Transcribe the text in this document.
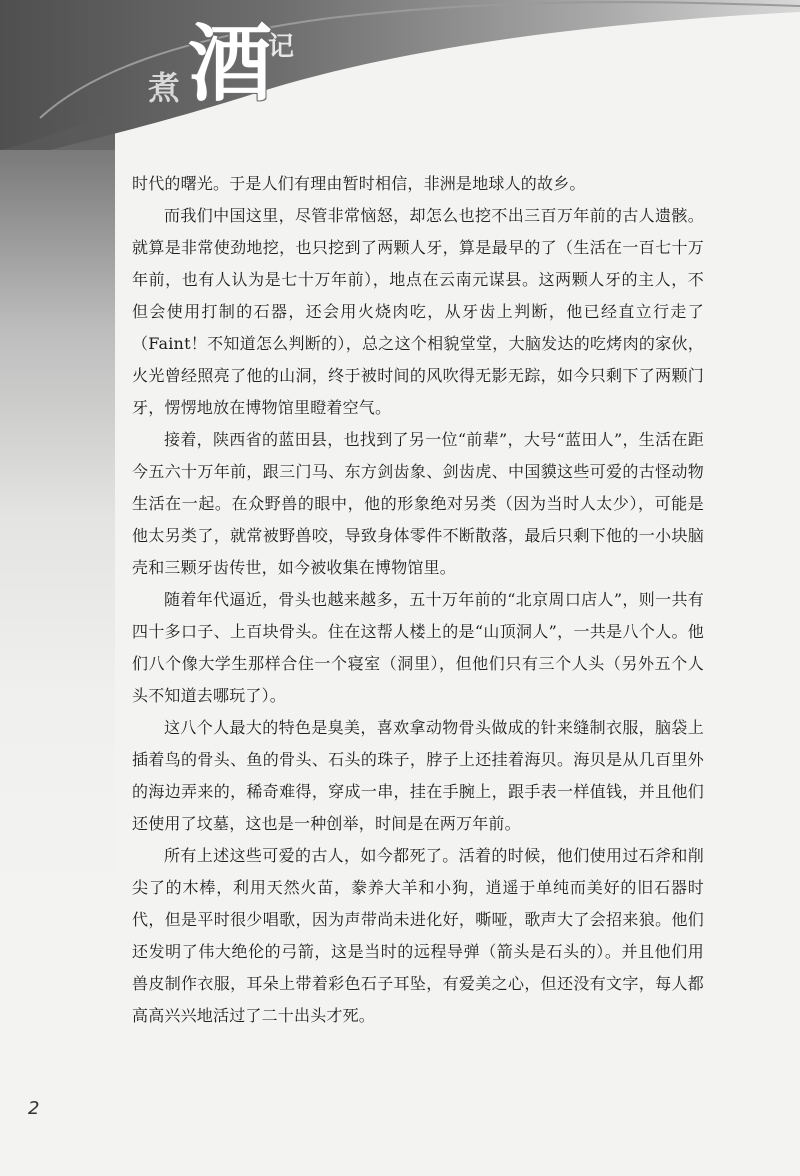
煮 酒
记

时代的曙光。于是人们有理由暂时相信，非洲是地球人的故乡。

而我们中国这里，尽管非常恼怒，却怎么也挖不出三百万年前的古人遗骸。就算是非常使劲地挖，也只挖到了两颗人牙，算是最早的了（生活在一百七十万年前，也有人认为是七十万年前），地点在云南元谋县。这两颗人牙的主人，不但会使用打制的石器，还会用火烧肉吃，从牙齿上判断，他已经直立行走了（Faint！不知道怎么判断的），总之这个相貌堂堂，大脑发达的吃烤肉的家伙，火光曾经照亮了他的山洞，终于被时间的风吹得无影无踪，如今只剩下了两颗门牙，愣愣地放在博物馆里瞪着空气。

接着，陕西省的蓝田县，也找到了另一位“前辈”，大号“蓝田人”，生活在距今五六十万年前，跟三门马、东方剑齿象、剑齿虎、中国貘这些可爱的古怪动物生活在一起。在众野兽的眼中，他的形象绝对另类（因为当时人太少），可能是他太另类了，就常被野兽咬，导致身体零件不断散落，最后只剩下他的一小块脑壳和三颗牙齿传世，如今被收集在博物馆里。

随着年代逼近，骨头也越来越多，五十万年前的“北京周口店人”，则一共有四十多口子、上百块骨头。住在这帮人楼上的是“山顶洞人”，一共是八个人。他们八个像大学生那样合住一个寝室（洞里），但他们只有三个人头（另外五个人头不知道去哪玩了）。

这八个人最大的特色是臭美，喜欢拿动物骨头做成的针来缝制衣服，脑袋上插着鸟的骨头、鱼的骨头、石头的珠子，脖子上还挂着海贝。海贝是从几百里外的海边弄来的，稀奇难得，穿成一串，挂在手腕上，跟手表一样值钱，并且他们还使用了坟墓，这也是一种创举，时间是在两万年前。

所有上述这些可爱的古人，如今都死了。活着的时候，他们使用过石斧和削尖了的木棒，利用天然火苗，豢养大羊和小狗，逍遥于单纯而美好的旧石器时代，但是平时很少唱歌，因为声带尚未进化好，嘶哑，歌声大了会招来狼。他们还发明了伟大绝伦的弓箭，这是当时的远程导弹（箭头是石头的）。并且他们用兽皮制作衣服，耳朵上带着彩色石子耳坠，有爱美之心，但还没有文字，每人都高高兴兴地活过了二十出头才死。

2
